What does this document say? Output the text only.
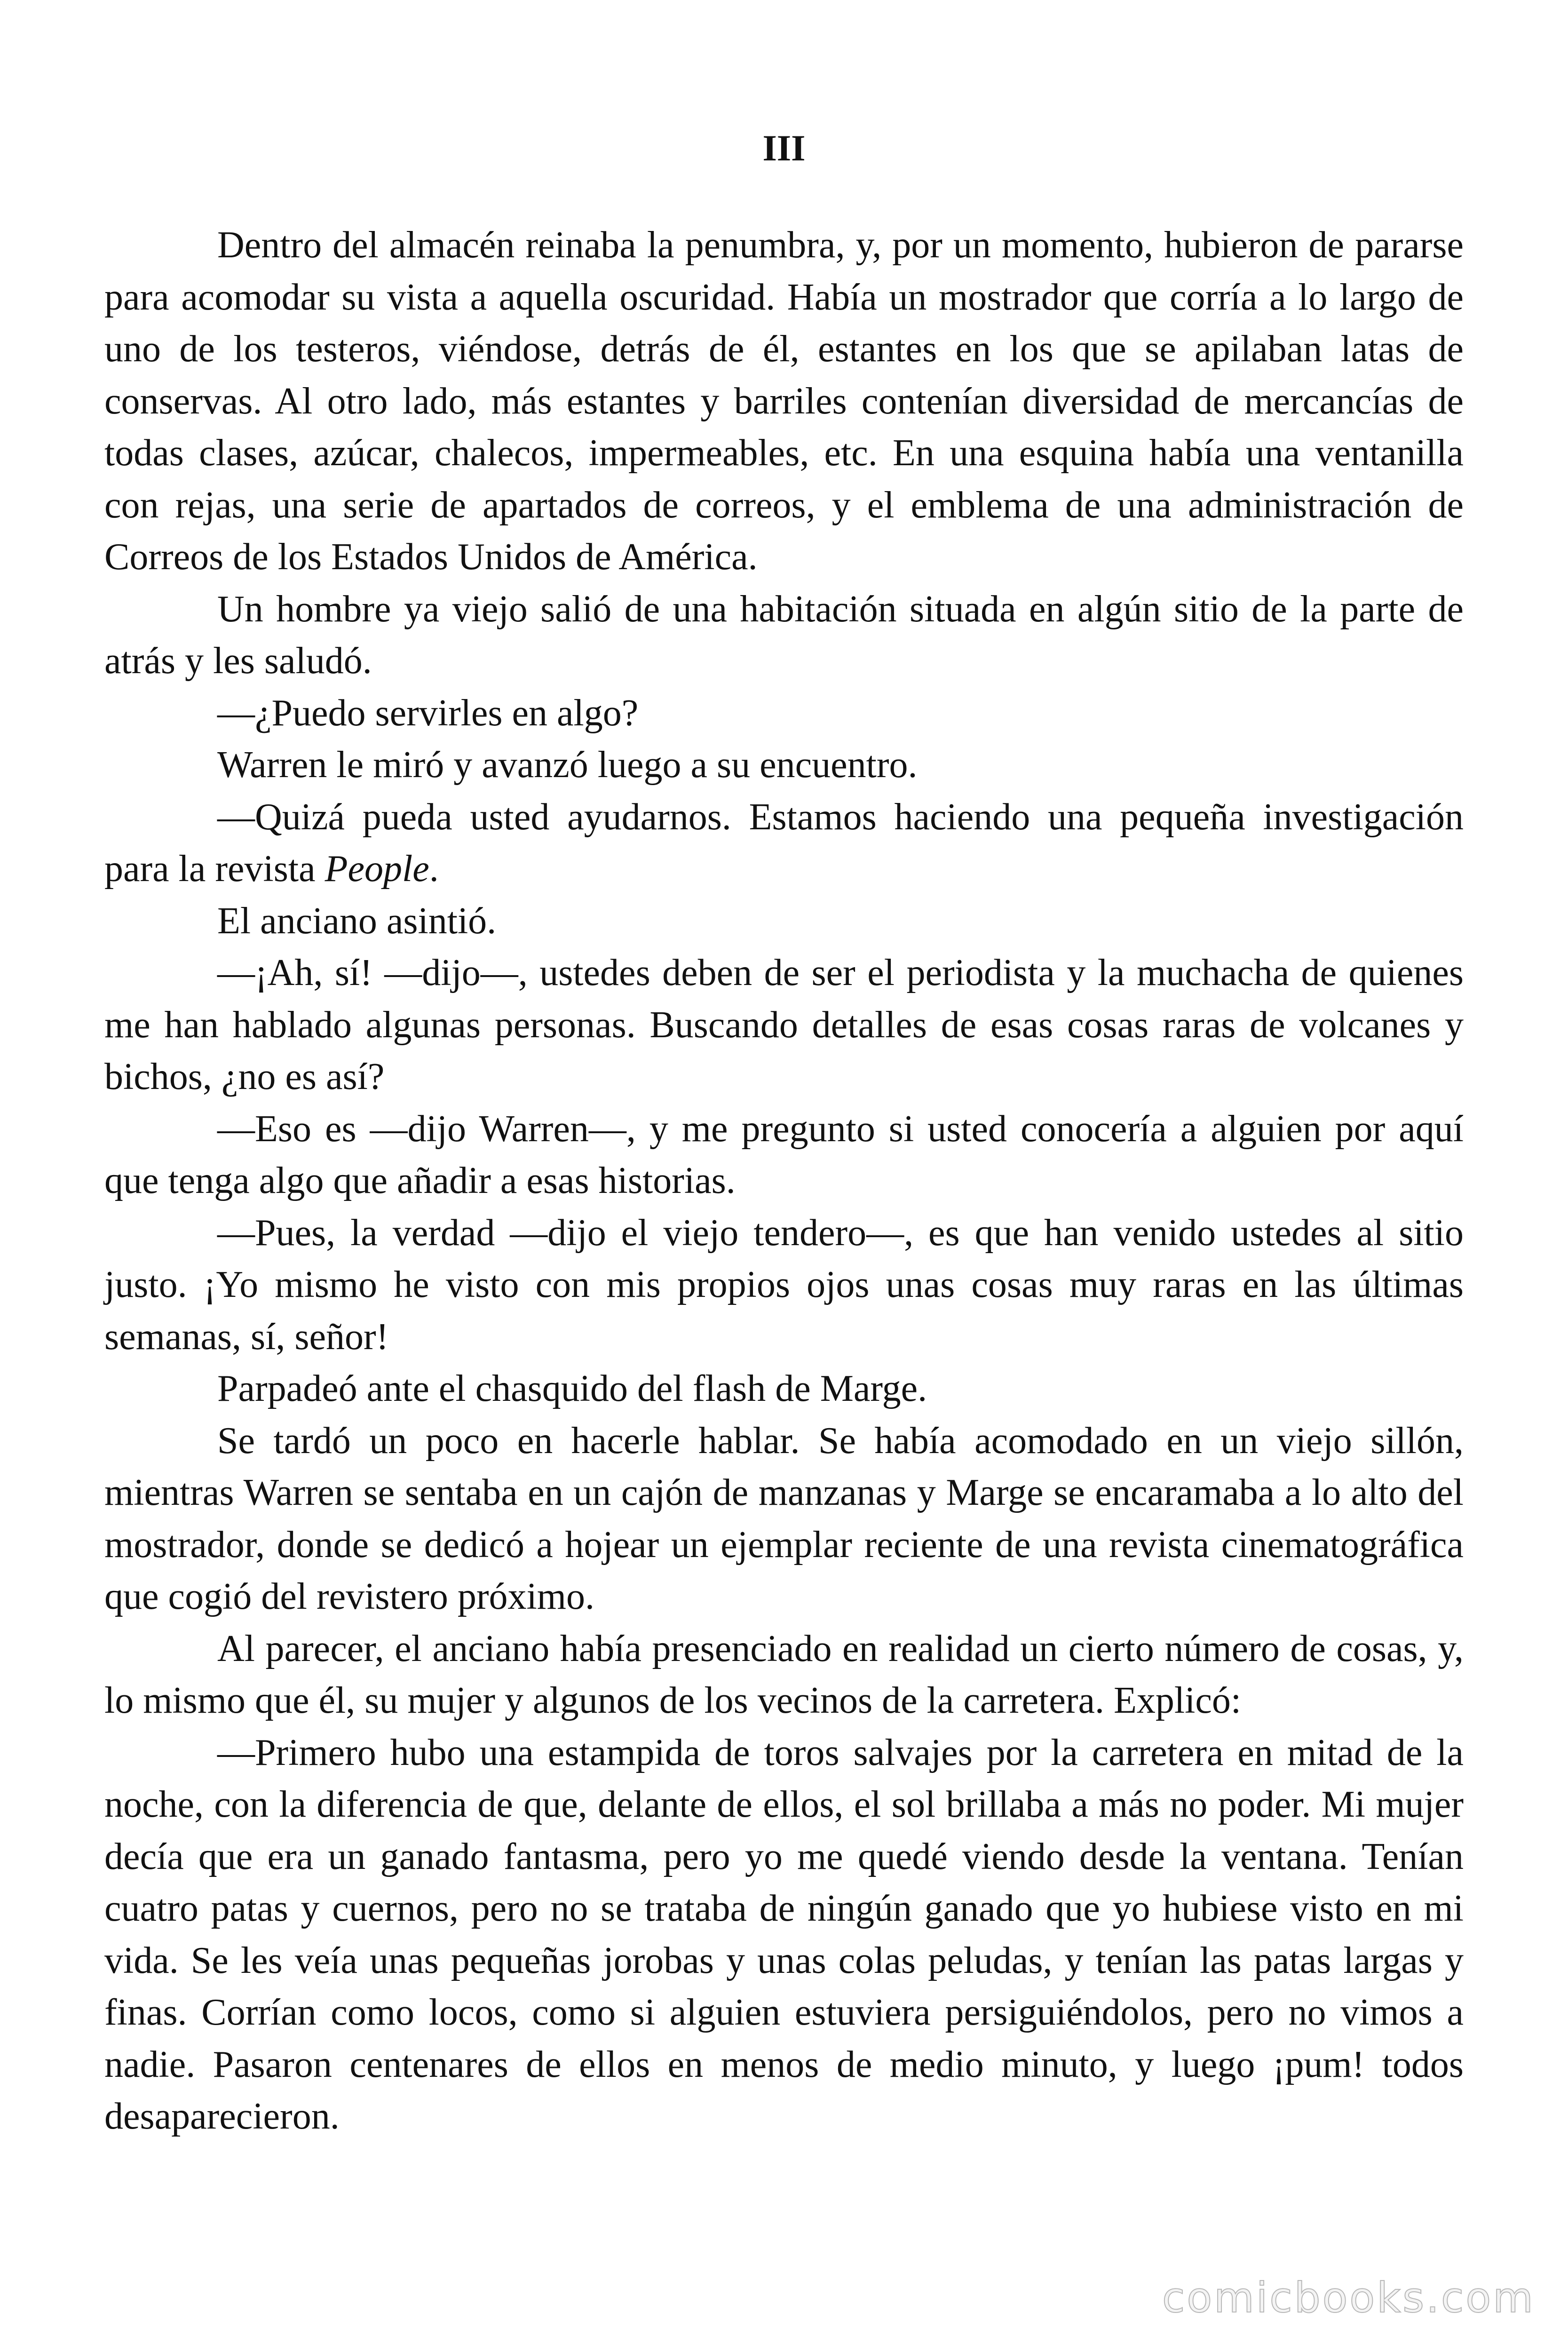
III

Dentro del almacén reinaba la penumbra, y, por un momento, hubieron de pararse para acomodar su vista a aquella oscuridad. Había un mostrador que corría a lo largo de uno de los testeros, viéndose, detrás de él, estantes en los que se apilaban latas de conservas. Al otro lado, más estantes y barriles contenían diversidad de mercancías de todas clases, azúcar, chalecos, impermeables, etc. En una esquina había una ventanilla con rejas, una serie de apartados de correos, y el emblema de una administración de Correos de los Estados Unidos de América.

Un hombre ya viejo salió de una habitación situada en algún sitio de la parte de atrás y les saludó.

—¿Puedo servirles en algo?

Warren le miró y avanzó luego a su encuentro.

—Quizá pueda usted ayudarnos. Estamos haciendo una pequeña investigación para la revista People.

El anciano asintió.

—¡Ah, sí! —dijo—, ustedes deben de ser el periodista y la muchacha de quienes me han hablado algunas personas. Buscando detalles de esas cosas raras de volcanes y bichos, ¿no es así?

—Eso es —dijo Warren—, y me pregunto si usted conocería a alguien por aquí que tenga algo que añadir a esas historias.

—Pues, la verdad —dijo el viejo tendero—, es que han venido ustedes al sitio justo. ¡Yo mismo he visto con mis propios ojos unas cosas muy raras en las últimas semanas, sí, señor!

Parpadeó ante el chasquido del flash de Marge.

Se tardó un poco en hacerle hablar. Se había acomodado en un viejo sillón, mientras Warren se sentaba en un cajón de manzanas y Marge se encaramaba a lo alto del mostrador, donde se dedicó a hojear un ejemplar reciente de una revista cinematográfica que cogió del revistero próximo.

Al parecer, el anciano había presenciado en realidad un cierto número de cosas, y, lo mismo que él, su mujer y algunos de los vecinos de la carretera. Explicó:

—Primero hubo una estampida de toros salvajes por la carretera en mitad de la noche, con la diferencia de que, delante de ellos, el sol brillaba a más no poder. Mi mujer decía que era un ganado fantasma, pero yo me quedé viendo desde la ventana. Tenían cuatro patas y cuernos, pero no se trataba de ningún ganado que yo hubiese visto en mi vida. Se les veía unas pequeñas jorobas y unas colas peludas, y tenían las patas largas y finas. Corrían como locos, como si alguien estuviera persiguiéndolos, pero no vimos a nadie. Pasaron centenares de ellos en menos de medio minuto, y luego ¡pum! todos desaparecieron.

comicbooks.com
